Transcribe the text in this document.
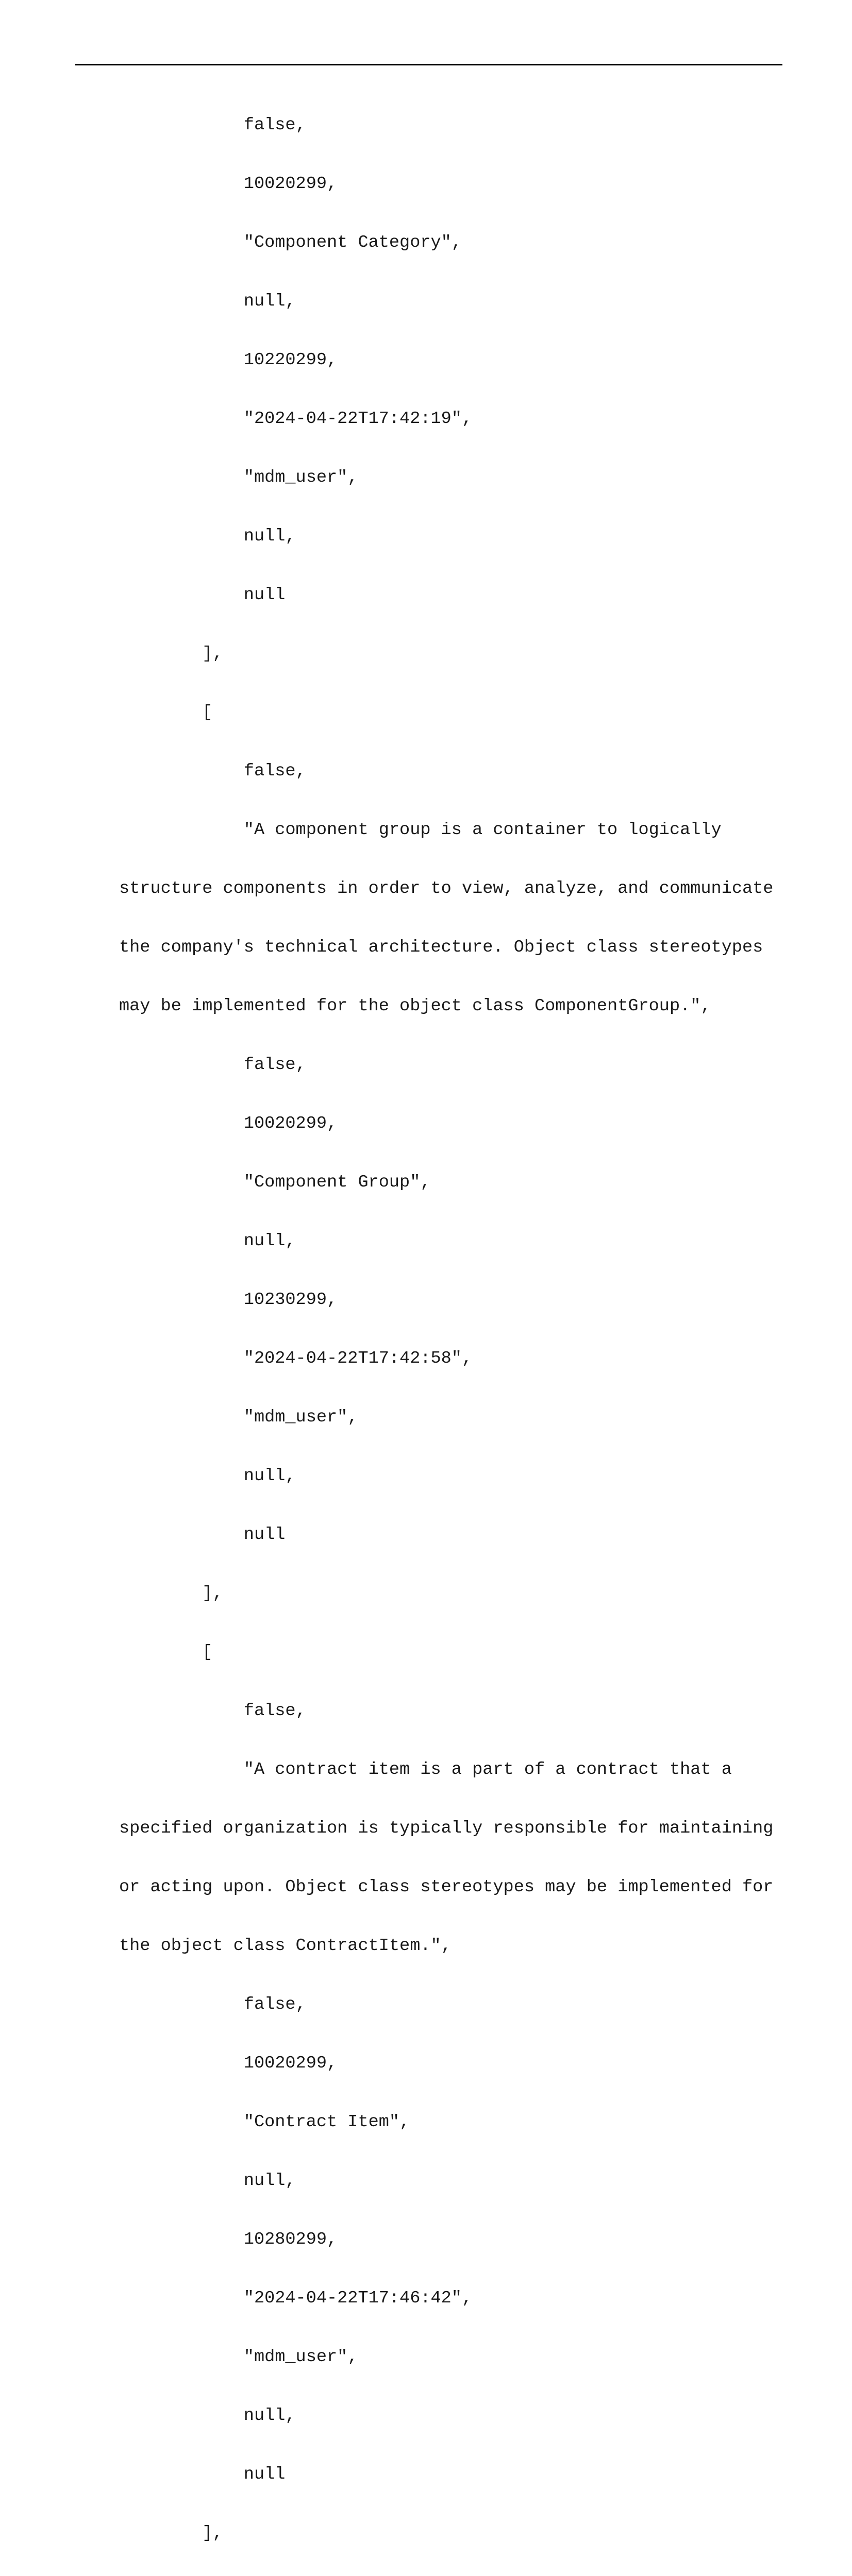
false,

10020299,

"Component Category",

null,

10220299,

"2024-04-22T17:42:19",

"mdm_user",

null,

null

],

[

false,

"A component group is a container to logically

structure components in order to view, analyze, and communicate

the company's technical architecture. Object class stereotypes

may be implemented for the object class ComponentGroup.",

false,

10020299,

"Component Group",

null,

10230299,

"2024-04-22T17:42:58",

"mdm_user",

null,

null

],

[

false,

"A contract item is a part of a contract that a

specified organization is typically responsible for maintaining

or acting upon. Object class stereotypes may be implemented for

the object class ContractItem.",

false,

10020299,

"Contract Item",

null,

10280299,

"2024-04-22T17:46:42",

"mdm_user",

null,

null

],
